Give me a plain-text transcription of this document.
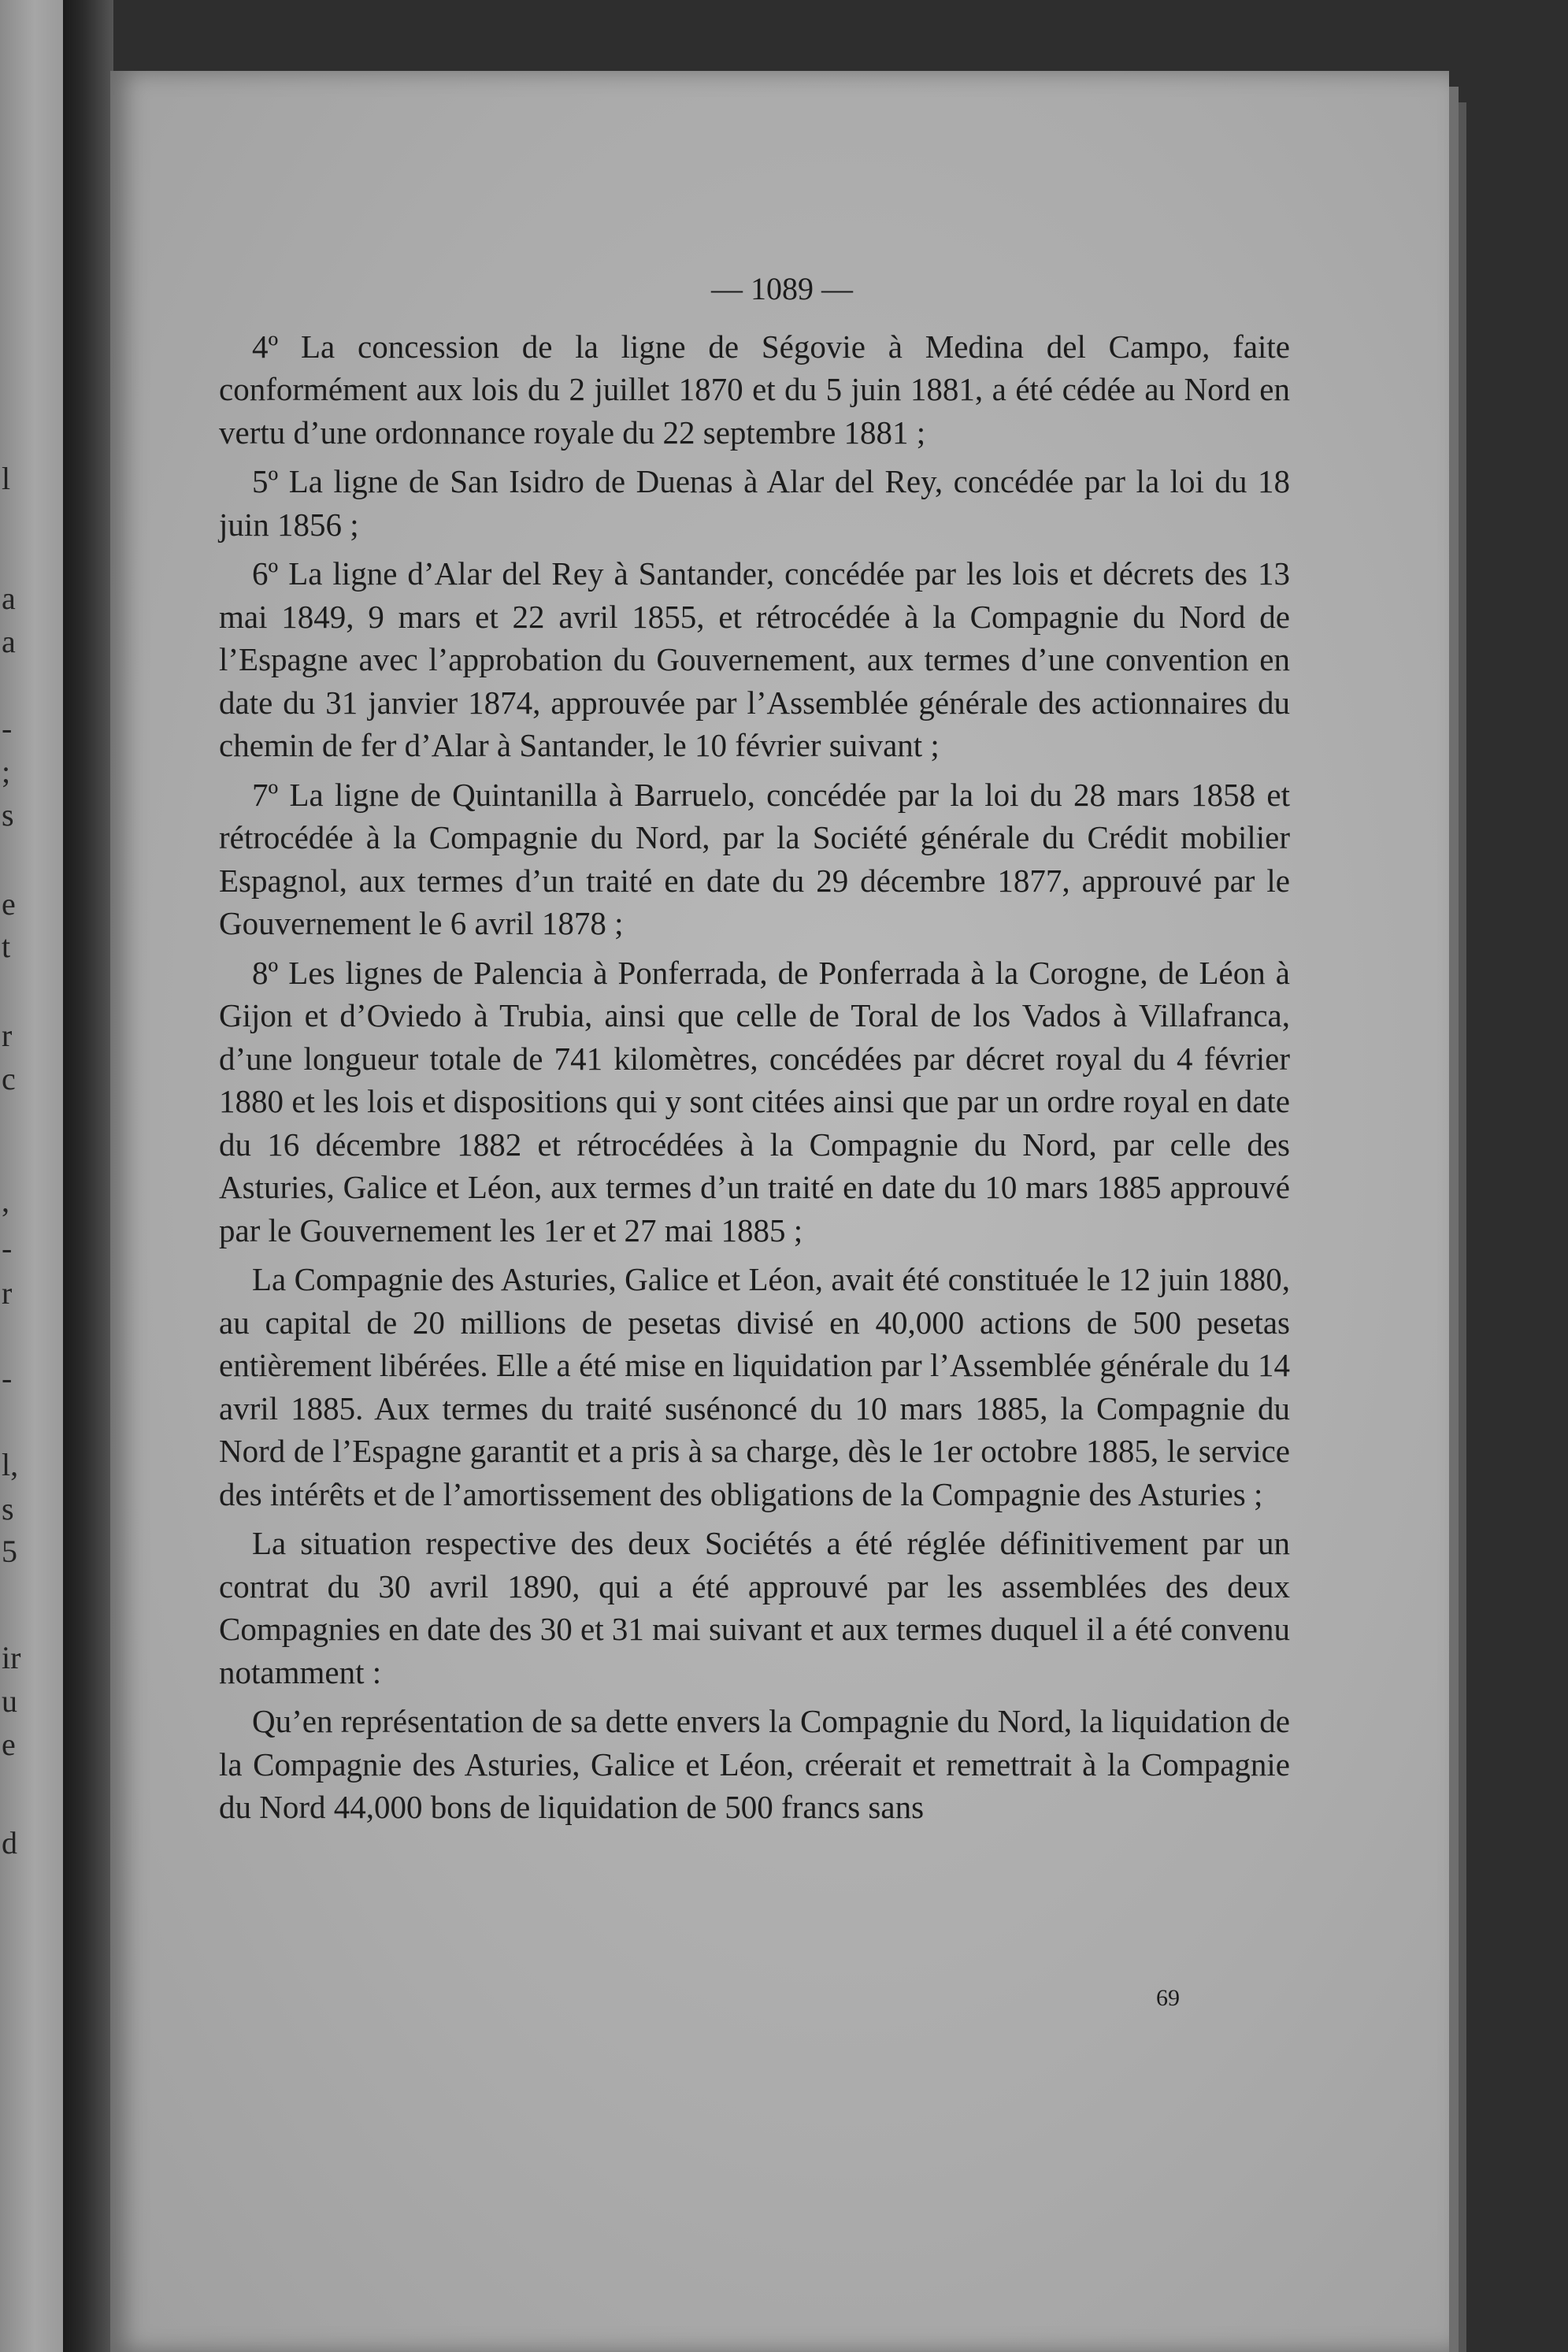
l
a
a
-
;
s
e
t
r
c
,
-
r
-
l,
s
5
ir
u
e
d

— 1089 —

4º La concession de la ligne de Ségovie à Medina del Campo, faite conformément aux lois du 2 juillet 1870 et du 5 juin 1881, a été cédée au Nord en vertu d’une ordonnance royale du 22 septembre 1881 ;

5º La ligne de San Isidro de Duenas à Alar del Rey, concédée par la loi du 18 juin 1856 ;

6º La ligne d’Alar del Rey à Santander, concédée par les lois et décrets des 13 mai 1849, 9 mars et 22 avril 1855, et rétrocédée à la Compagnie du Nord de l’Espagne avec l’approbation du Gouvernement, aux termes d’une convention en date du 31 janvier 1874, approuvée par l’Assemblée générale des actionnaires du chemin de fer d’Alar à Santander, le 10 février suivant ;

7º La ligne de Quintanilla à Barruelo, concédée par la loi du 28 mars 1858 et rétrocédée à la Compagnie du Nord, par la Société générale du Crédit mobilier Espagnol, aux termes d’un traité en date du 29 décembre 1877, approuvé par le Gouvernement le 6 avril 1878 ;

8º Les lignes de Palencia à Ponferrada, de Ponferrada à la Corogne, de Léon à Gijon et d’Oviedo à Trubia, ainsi que celle de Toral de los Vados à Villafranca, d’une longueur totale de 741 kilomètres, concédées par décret royal du 4 février 1880 et les lois et dispositions qui y sont citées ainsi que par un ordre royal en date du 16 décembre 1882 et rétrocédées à la Compagnie du Nord, par celle des Asturies, Galice et Léon, aux termes d’un traité en date du 10 mars 1885 approuvé par le Gouvernement les 1er et 27 mai 1885 ;

La Compagnie des Asturies, Galice et Léon, avait été constituée le 12 juin 1880, au capital de 20 millions de pesetas divisé en 40,000 actions de 500 pesetas entièrement libérées. Elle a été mise en liquidation par l’Assemblée générale du 14 avril 1885. Aux termes du traité susénoncé du 10 mars 1885, la Compagnie du Nord de l’Espagne garantit et a pris à sa charge, dès le 1er octobre 1885, le service des intérêts et de l’amortissement des obligations de la Compagnie des Asturies ;

La situation respective des deux Sociétés a été réglée définitivement par un contrat du 30 avril 1890, qui a été approuvé par les assemblées des deux Compagnies en date des 30 et 31 mai suivant et aux termes duquel il a été convenu notamment :

Qu’en représentation de sa dette envers la Compagnie du Nord, la liquidation de la Compagnie des Asturies, Galice et Léon, créerait et remettrait à la Compagnie du Nord 44,000 bons de liquidation de 500 francs sans

69
